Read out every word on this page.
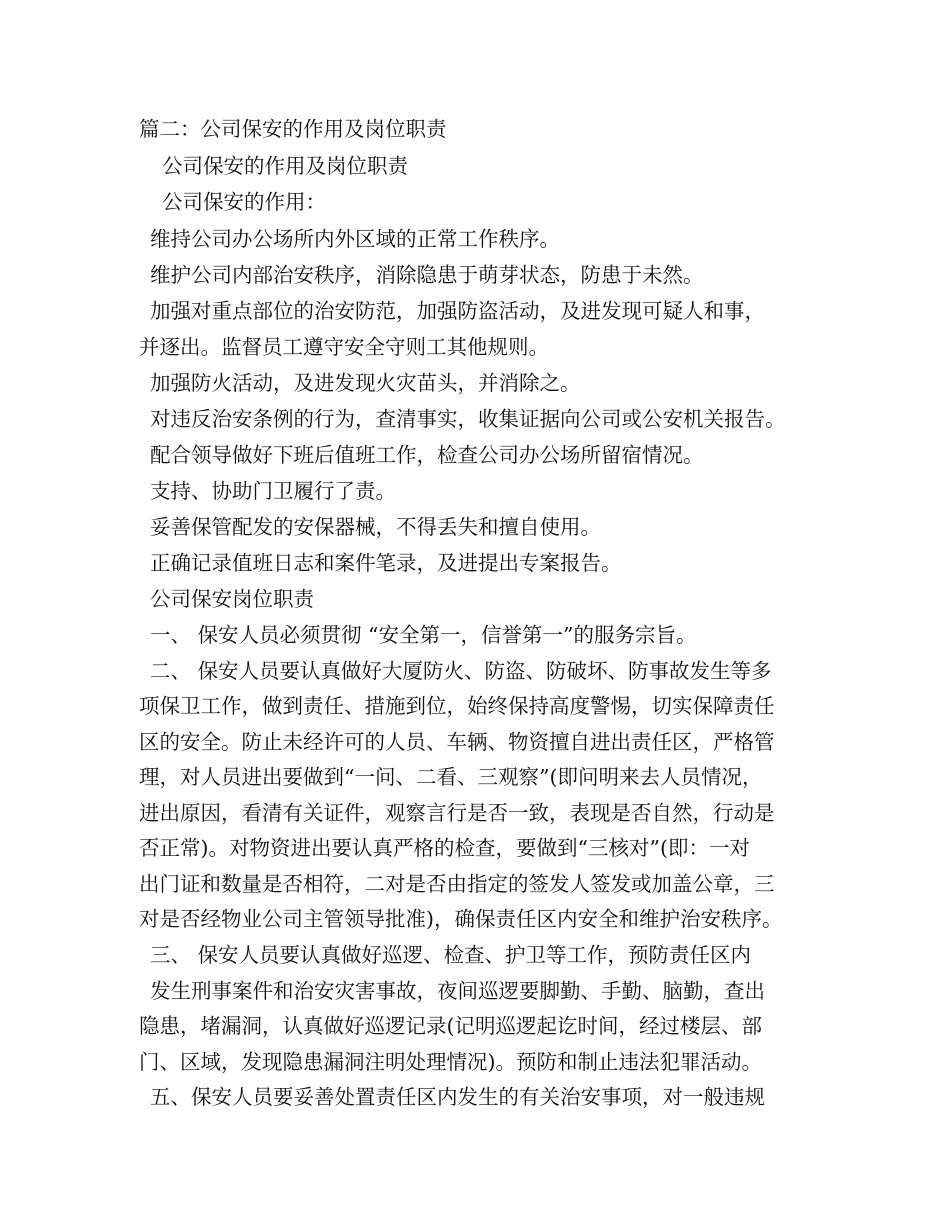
篇二：公司保安的作用及岗位职责
公司保安的作用及岗位职责
公司保安的作用：
维持公司办公场所内外区域的正常工作秩序。
维护公司内部治安秩序，消除隐患于萌芽状态，防患于未然。
加强对重点部位的治安防范，加强防盗活动，及进发现可疑人和事，
并逐出。监督员工遵守安全守则工其他规则。
加强防火活动，及进发现火灾苗头，并消除之。
对违反治安条例的行为，查清事实，收集证据向公司或公安机关报告。
配合领导做好下班后值班工作，检查公司办公场所留宿情况。
支持、协助门卫履行了责。
妥善保管配发的安保器械，不得丢失和擅自使用。
正确记录值班日志和案件笔录，及进提出专案报告。
公司保安岗位职责
一、 保安人员必须贯彻 “安全第一，信誉第一”的服务宗旨。
二、 保安人员要认真做好大厦防火、防盗、防破坏、防事故发生等多
项保卫工作，做到责任、措施到位，始终保持高度警惕，切实保障责任
区的安全。防止未经许可的人员、车辆、物资擅自进出责任区，严格管
理，对人员进出要做到“一问、二看、三观察”(即问明来去人员情况，
进出原因，看清有关证件，观察言行是否一致，表现是否自然，行动是
否正常)。对物资进出要认真严格的检查，要做到“三核对”(即：一对
出门证和数量是否相符，二对是否由指定的签发人签发或加盖公章，三
对是否经物业公司主管领导批准)，确保责任区内安全和维护治安秩序。
三、 保安人员要认真做好巡逻、检查、护卫等工作，预防责任区内
发生刑事案件和治安灾害事故，夜间巡逻要脚勤、手勤、脑勤，查出
隐患，堵漏洞，认真做好巡逻记录(记明巡逻起讫时间，经过楼层、部
门、区域，发现隐患漏洞注明处理情况)。预防和制止违法犯罪活动。
五、保安人员要妥善处置责任区内发生的有关治安事项，对一般违规
